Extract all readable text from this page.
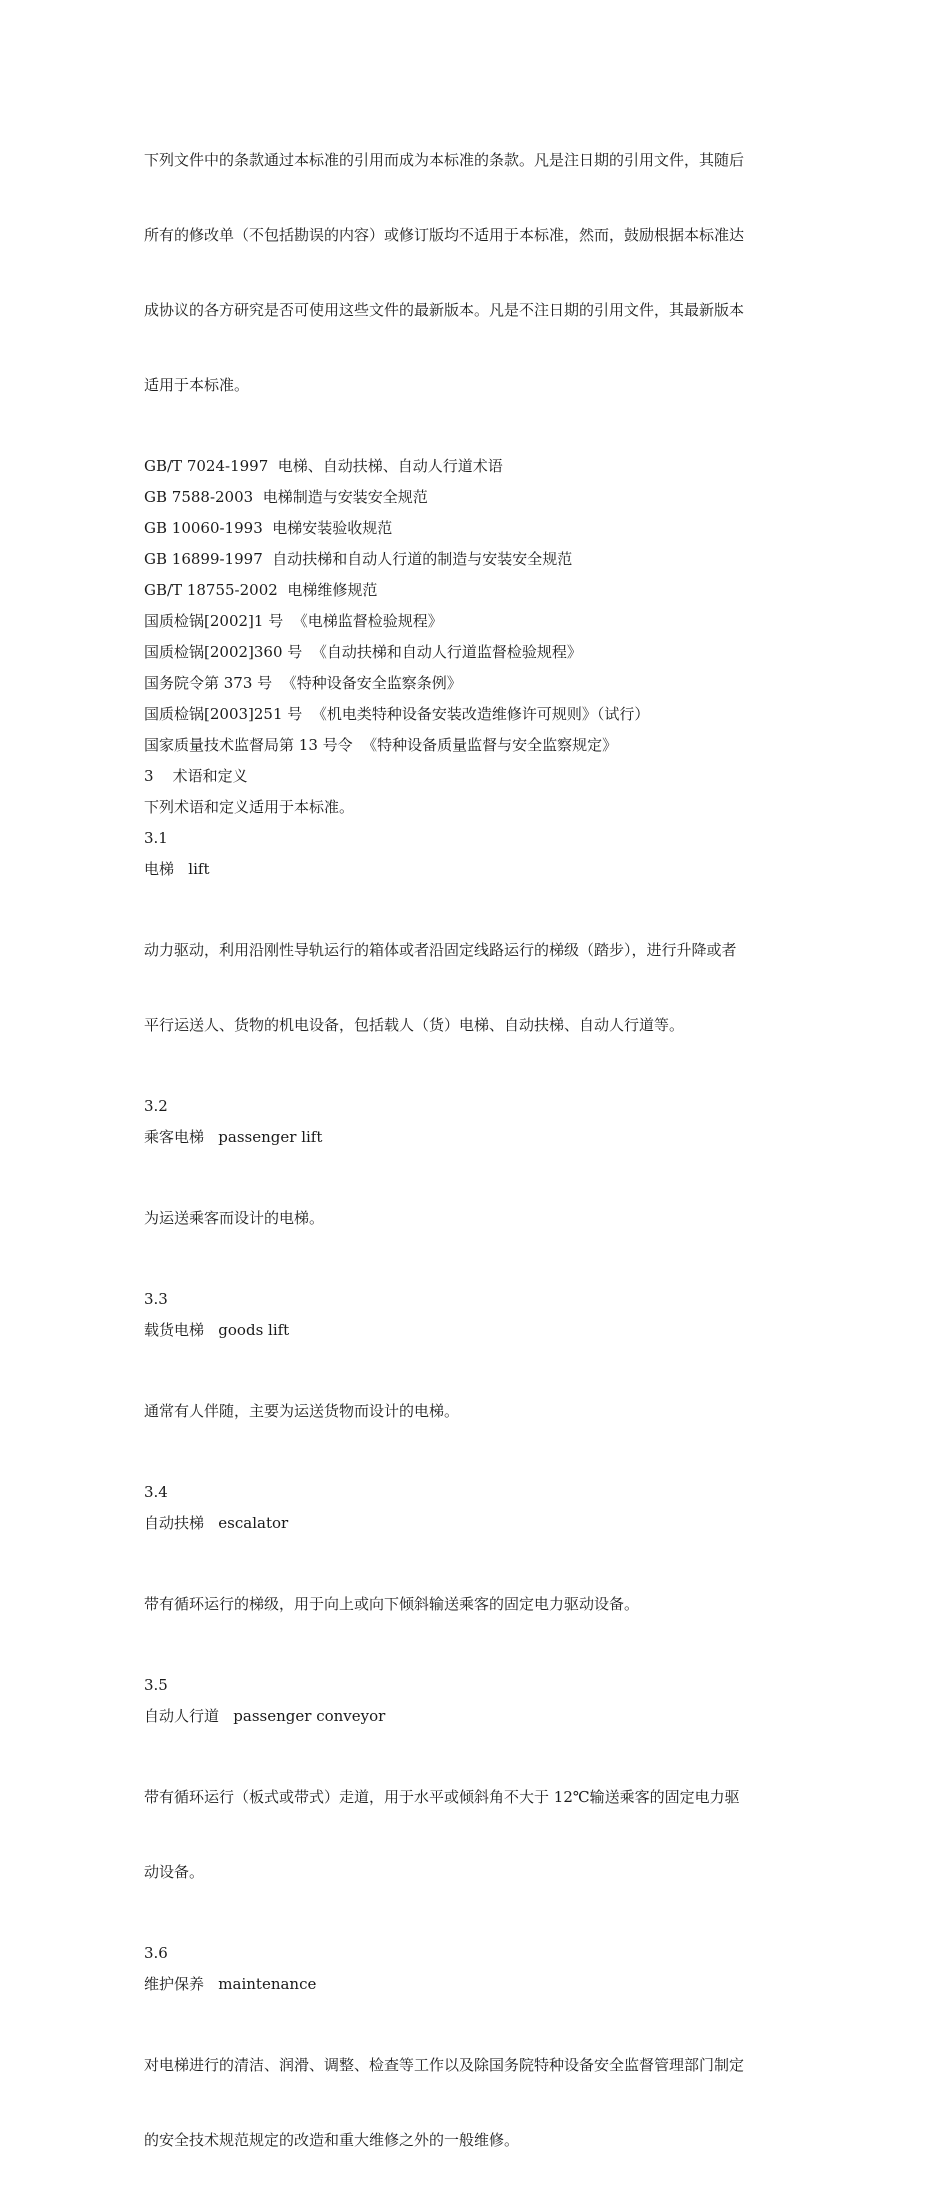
下列文件中的条款通过本标准的引用而成为本标准的条款。凡是注日期的引用文件，其随后

所有的修改单（不包括勘误的内容）或修订版均不适用于本标准，然而，鼓励根据本标准达

成协议的各方研究是否可使用这些文件的最新版本。凡是不注日期的引用文件，其最新版本

适用于本标准。

GB/T 7024-1997  电梯、自动扶梯、自动人行道术语
GB 7588-2003  电梯制造与安装安全规范
GB 10060-1993  电梯安装验收规范
GB 16899-1997  自动扶梯和自动人行道的制造与安装安全规范
GB/T 18755-2002  电梯维修规范
国质检锅[2002]1 号  《电梯监督检验规程》
国质检锅[2002]360 号  《自动扶梯和自动人行道监督检验规程》
国务院令第 373 号  《特种设备安全监察条例》
国质检锅[2003]251 号  《机电类特种设备安装改造维修许可规则》（试行）
国家质量技术监督局第 13 号令  《特种设备质量监督与安全监察规定》
3    术语和定义
下列术语和定义适用于本标准。
3.1
电梯   lift

动力驱动，利用沿刚性导轨运行的箱体或者沿固定线路运行的梯级（踏步），进行升降或者

平行运送人、货物的机电设备，包括载人（货）电梯、自动扶梯、自动人行道等。

3.2
乘客电梯   passenger lift

为运送乘客而设计的电梯。

3.3
载货电梯   goods lift

通常有人伴随，主要为运送货物而设计的电梯。

3.4
自动扶梯   escalator

带有循环运行的梯级，用于向上或向下倾斜输送乘客的固定电力驱动设备。

3.5
自动人行道   passenger conveyor

带有循环运行（板式或带式）走道，用于水平或倾斜角不大于 12℃输送乘客的固定电力驱

动设备。

3.6
维护保养   maintenance

对电梯进行的清洁、润滑、调整、检查等工作以及除国务院特种设备安全监督管理部门制定

的安全技术规范规定的改造和重大维修之外的一般维修。
